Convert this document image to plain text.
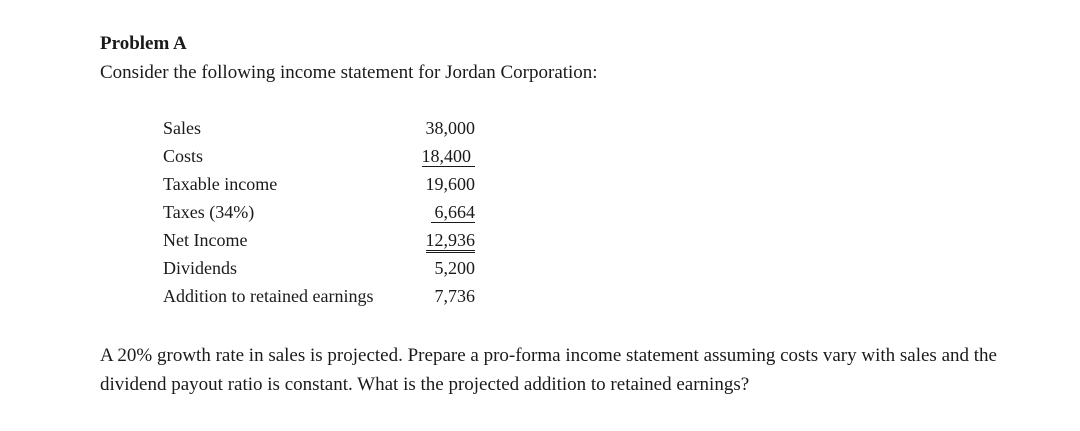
Problem A
Consider the following income statement for Jordan Corporation:
Sales	38,000
Costs	18,400
Taxable income	19,600
Taxes (34%)	6,664
Net Income	12,936
Dividends	5,200
Addition to retained earnings	7,736
A 20% growth rate in sales is projected. Prepare a pro-forma income statement assuming costs vary with sales and the dividend payout ratio is constant. What is the projected addition to retained earnings?
